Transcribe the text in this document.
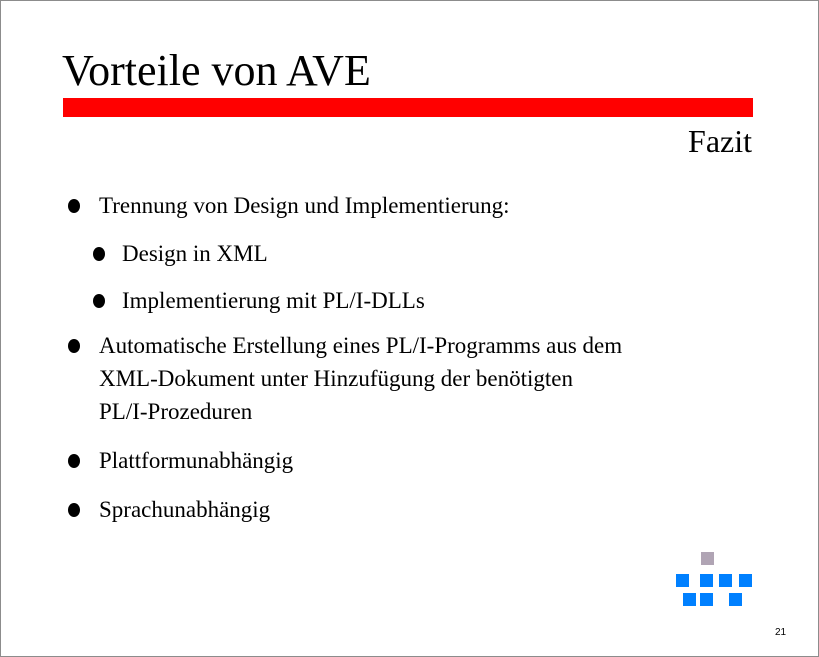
Vorteile von AVE
Fazit
Trennung von Design und Implementierung:
Design in XML
Implementierung mit PL/I-DLLs
Automatische Erstellung eines PL/I-Programms aus dem
XML-Dokument unter Hinzufügung der benötigten
PL/I-Prozeduren
Plattformunabhängig
Sprachunabhängig
21
